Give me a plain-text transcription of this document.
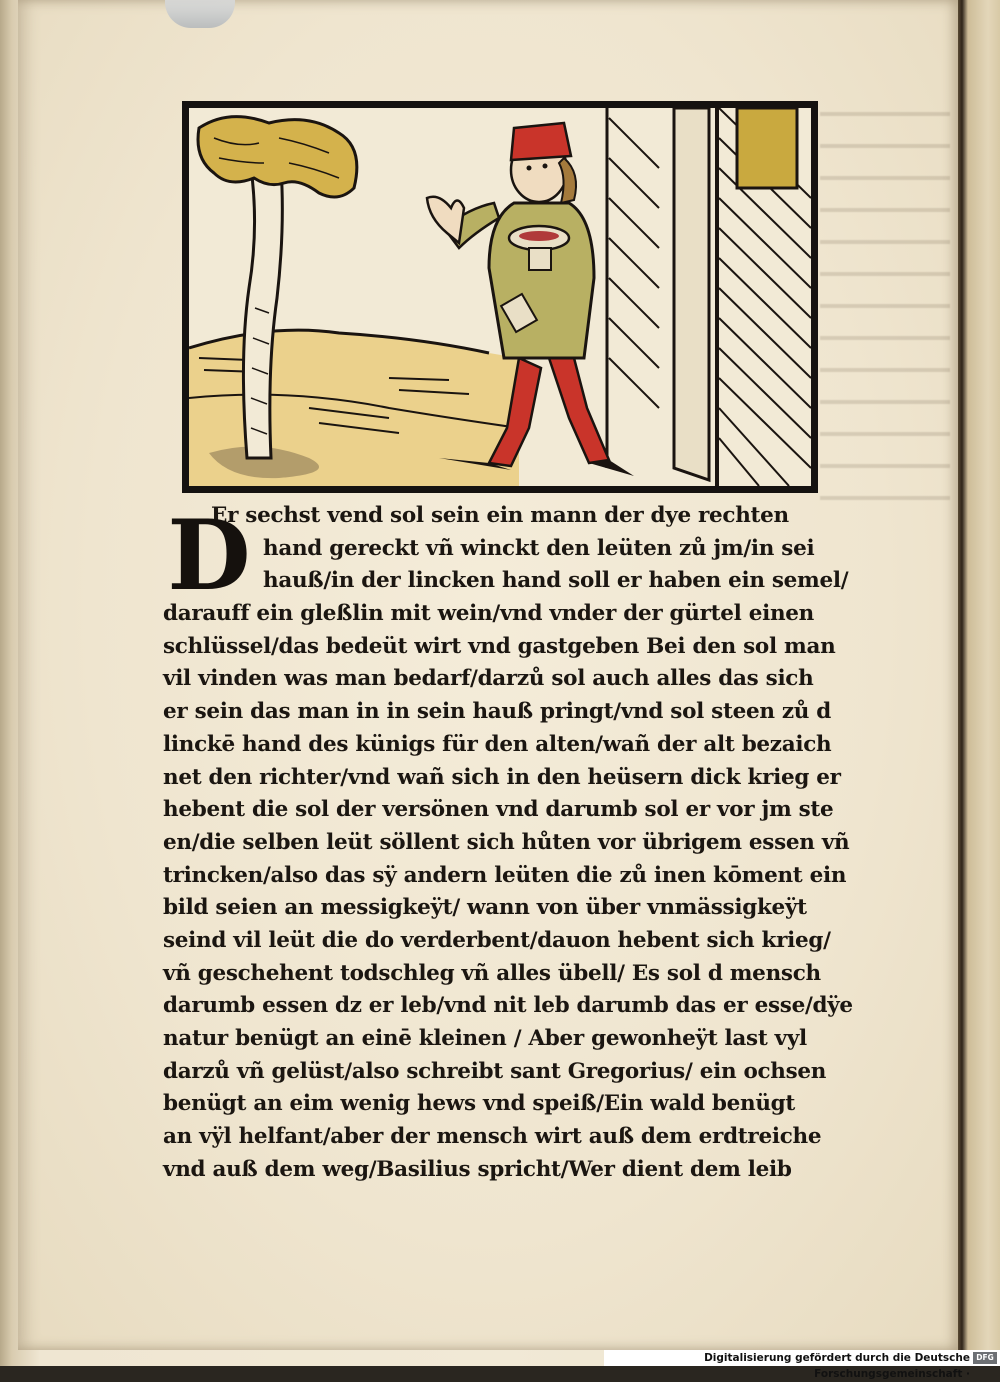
D
Er sechst vend sol sein ein mann der dye rechten
hand gereckt vñ winckt den leüten zů jm/in sei
hauß/in der lincken hand soll er haben ein semel/
darauff ein gleßlin mit wein/vnd vnder der gürtel einen
schlüssel/das bedeüt wirt vnd gastgeben Bei den sol man
vil vinden was man bedarf/darzů sol auch alles das sich
er sein das man in in sein hauß pringt/vnd sol steen zů d
linckē hand des künigs für den alten/wañ der alt bezaich
net den richter/vnd wañ sich in den heüsern dick krieg er
hebent die sol der versönen vnd darumb sol er vor jm ste
en/die selben leüt söllent sich hůten vor übrigem essen vñ
trincken/also das sÿ andern leüten die zů inen kōment ein
bild seien an messigkeÿt/ wann von über vnmässigkeÿt
seind vil leüt die do verderbent/dauon hebent sich krieg/
vñ geschehent todschleg vñ alles übell/ Es sol d mensch
darumb essen dz er leb/vnd nit leb darumb das er esse/dÿe
natur benügt an einē kleinen / Aber gewonheÿt last vyl
darzů vñ gelüst/also schreibt sant Gregorius/ ein ochsen
benügt an eim wenig hews vnd speiß/Ein wald benügt
an vÿl helfant/aber der mensch wirt auß dem erdtreiche
vnd auß dem weg/Basilius spricht/Wer dient dem leib
Digitalisierung gefördert durch die Deutsche Forschungsgemeinschaft ·
DFG
